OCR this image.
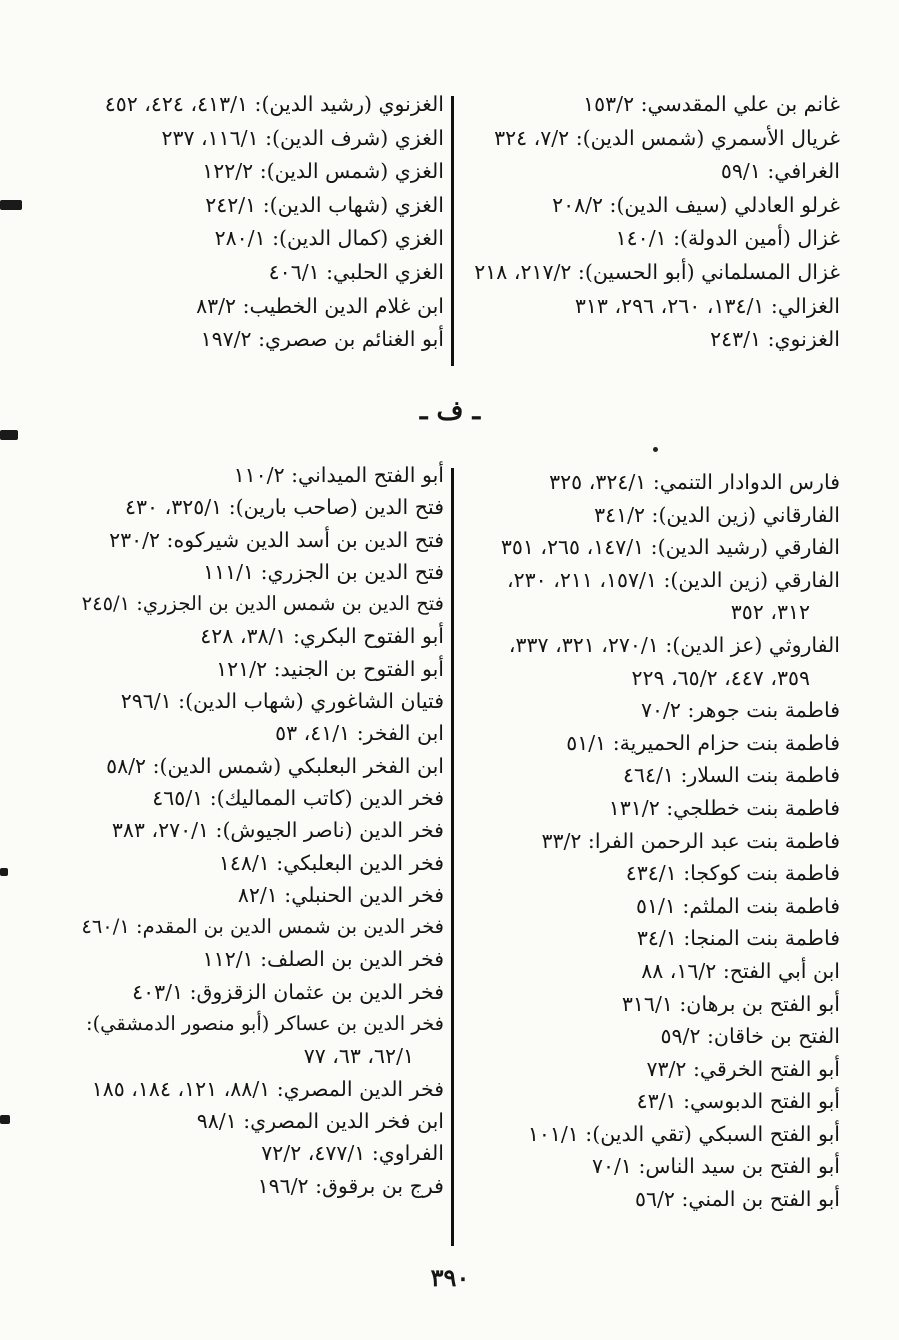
غانم بن علي المقدسي: ١٥٣/٢
غريال الأسمري (شمس الدين): ٧/٢، ٣٢٤
الغرافي: ٥٩/١
غرلو العادلي (سيف الدين): ٢٠٨/٢
غزال (أمين الدولة): ١٤٠/١
غزال المسلماني (أبو الحسين): ٢١٧/٢، ٢١٨
الغزالي: ١٣٤/١، ٢٦٠، ٢٩٦، ٣١٣
الغزنوي: ٢٤٣/١
الغزنوي (رشيد الدين): ٤١٣/١، ٤٢٤، ٤٥٢
الغزي (شرف الدين): ١١٦/١، ٢٣٧
الغزي (شمس الدين): ١٢٢/٢
الغزي (شهاب الدين): ٢٤٢/١
الغزي (كمال الدين): ٢٨٠/١
الغزي الحلبي: ٤٠٦/١
ابن غلام الدين الخطيب: ٨٣/٢
أبو الغنائم بن صصري: ١٩٧/٢
ـ ف ـ
فارس الدوادار التنمي: ٣٢٤/١، ٣٢٥
الفارقاني (زين الدين): ٣٤١/٢
الفارقي (رشيد الدين): ١٤٧/١، ٢٦٥، ٣٥١
الفارقي (زين الدين): ١٥٧/١، ٢١١، ٢٣٠،
٣١٢، ٣٥٢
الفاروثي (عز الدين): ٢٧٠/١، ٣٢١، ٣٣٧،
٣٥٩، ٤٤٧، ٦٥/٢، ٢٢٩
فاطمة بنت جوهر: ٧٠/٢
فاطمة بنت حزام الحميرية: ٥١/١
فاطمة بنت السلار: ٤٦٤/١
فاطمة بنت خطلجي: ١٣١/٢
فاطمة بنت عبد الرحمن الفرا: ٣٣/٢
فاطمة بنت كوكجا: ٤٣٤/١
فاطمة بنت الملثم: ٥١/١
فاطمة بنت المنجا: ٣٤/١
ابن أبي الفتح: ١٦/٢، ٨٨
أبو الفتح بن برهان: ٣١٦/١
الفتح بن خاقان: ٥٩/٢
أبو الفتح الخرقي: ٧٣/٢
أبو الفتح الدبوسي: ٤٣/١
أبو الفتح السبكي (تقي الدين): ١٠١/١
أبو الفتح بن سيد الناس: ٧٠/١
أبو الفتح بن المني: ٥٦/٢
أبو الفتح الميداني: ١١٠/٢
فتح الدين (صاحب بارين): ٣٢٥/١، ٤٣٠
فتح الدين بن أسد الدين شيركوه: ٢٣٠/٢
فتح الدين بن الجزري: ١١١/١
فتح الدين بن شمس الدين بن الجزري: ٢٤٥/١
أبو الفتوح البكري: ٣٨/١، ٤٢٨
أبو الفتوح بن الجنيد: ١٢١/٢
فتيان الشاغوري (شهاب الدين): ٢٩٦/١
ابن الفخر: ٤١/١، ٥٣
ابن الفخر البعلبكي (شمس الدين): ٥٨/٢
فخر الدين (كاتب المماليك): ٤٦٥/١
فخر الدين (ناصر الجيوش): ٢٧٠/١، ٣٨٣
فخر الدين البعلبكي: ١٤٨/١
فخر الدين الحنبلي: ٨٢/١
فخر الدين بن شمس الدين بن المقدم: ٤٦٠/١
فخر الدين بن الصلف: ١١٢/١
فخر الدين بن عثمان الزقزوق: ٤٠٣/١
فخر الدين بن عساكر (أبو منصور الدمشقي):
٦٢/١، ٦٣، ٧٧
فخر الدين المصري: ٨٨/١، ١٢١، ١٨٤، ١٨٥
ابن فخر الدين المصري: ٩٨/١
الفراوي: ٤٧٧/١، ٧٢/٢
فرج بن برقوق: ١٩٦/٢
٣٩٠
